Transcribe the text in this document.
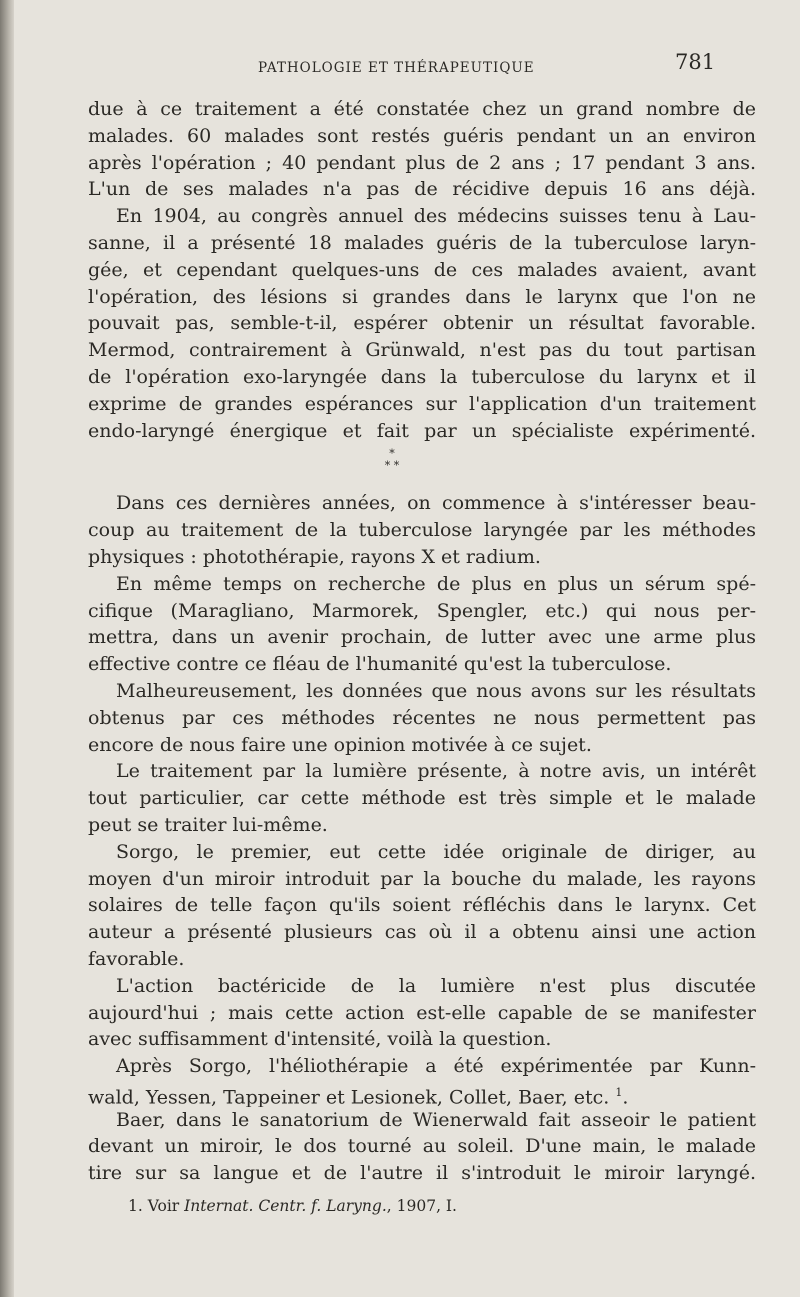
PATHOLOGIE ET THÉRAPEUTIQUE	781
due à ce traitement a été constatée chez un grand nombre de
malades. 60 malades sont restés guéris pendant un an environ
après l'opération ; 40 pendant plus de 2 ans ; 17 pendant 3 ans.
L'un de ses malades n'a pas de récidive depuis 16 ans déjà.
En 1904, au congrès annuel des médecins suisses tenu à Lau-
sanne, il a présenté 18 malades guéris de la tuberculose laryn-
gée, et cependant quelques-uns de ces malades avaient, avant
l'opération, des lésions si grandes dans le larynx que l'on ne
pouvait pas, semble-t-il, espérer obtenir un résultat favorable.
Mermod, contrairement à Grünwald, n'est pas du tout partisan
de l'opération exo-laryngée dans la tuberculose du larynx et il
exprime de grandes espérances sur l'application d'un traitement
endo-laryngé énergique et fait par un spécialiste expérimenté.
*
* *
Dans ces dernières années, on commence à s'intéresser beau-
coup au traitement de la tuberculose laryngée par les méthodes
physiques : photothérapie, rayons X et radium.
En même temps on recherche de plus en plus un sérum spé-
cifique (Maragliano, Marmorek, Spengler, etc.) qui nous per-
mettra, dans un avenir prochain, de lutter avec une arme plus
effective contre ce fléau de l'humanité qu'est la tuberculose.
Malheureusement, les données que nous avons sur les résultats
obtenus par ces méthodes récentes ne nous permettent pas
encore de nous faire une opinion motivée à ce sujet.
Le traitement par la lumière présente, à notre avis, un intérêt
tout particulier, car cette méthode est très simple et le malade
peut se traiter lui-même.
Sorgo, le premier, eut cette idée originale de diriger, au
moyen d'un miroir introduit par la bouche du malade, les rayons
solaires de telle façon qu'ils soient réfléchis dans le larynx. Cet
auteur a présenté plusieurs cas où il a obtenu ainsi une action
favorable.
L'action bactéricide de la lumière n'est plus discutée
aujourd'hui ; mais cette action est-elle capable de se manifester
avec suffisamment d'intensité, voilà la question.
Après Sorgo, l'héliothérapie a été expérimentée par Kunn-
wald, Yessen, Tappeiner et Lesionek, Collet, Baer, etc. $^1$.
Baer, dans le sanatorium de Wienerwald fait asseoir le patient
devant un miroir, le dos tourné au soleil. D'une main, le malade
tire sur sa langue et de l'autre il s'introduit le miroir laryngé.
1. Voir Internat. Centr. f. Laryng., 1907, I.
